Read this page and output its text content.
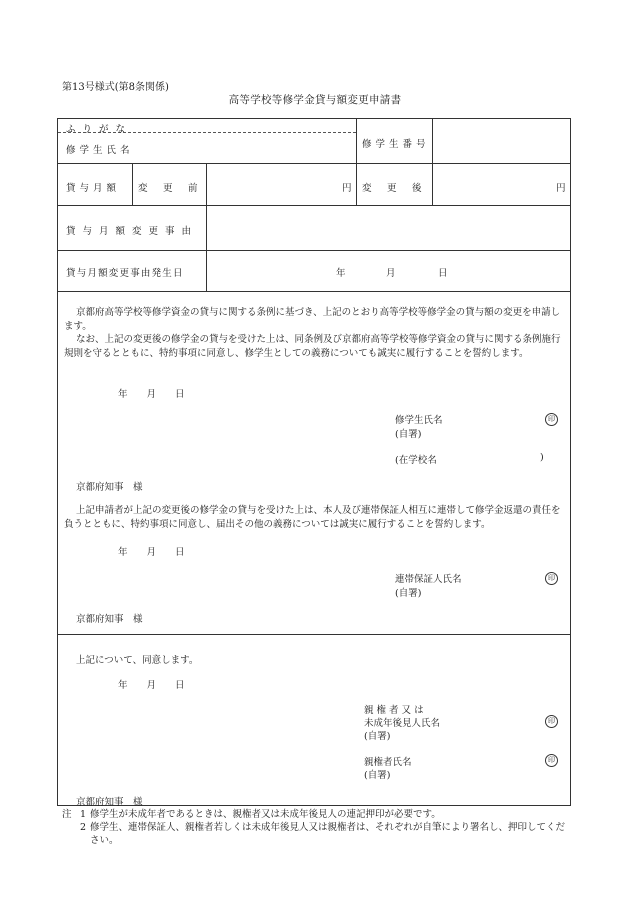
第13号様式(第8条関係)
高等学校等修学金貸与額変更申請書
ふ り が な
修学生氏名
修学生番号
貸与月額 変　更　前	円 変　更　後	円
貸与月額変更事由
貸与月額変更事由発生日	年	月	日
京都府高等学校等修学資金の貸与に関する条例に基づき、上記のとおり高等学校等修学金の貸与額の変更を申請します。
なお、上記の変更後の修学金の貸与を受けた上は、同条例及び京都府高等学校等修学資金の貸与に関する条例施行規則を守るとともに、特約事項に同意し、修学生としての義務についても誠実に履行することを誓約します。
年　　月　　日
修学生氏名	印
(自署)
(在学校名	)
京都府知事　様
上記申請者が上記の変更後の修学金の貸与を受けた上は、本人及び連帯保証人相互に連帯して修学金返還の責任を負うとともに、特約事項に同意し、届出その他の義務については誠実に履行することを誓約します。
年　　月　　日
連帯保証人氏名	印
(自署)
京都府知事　様
上記について、同意します。
年　　月　　日
親 権 者 又 は
未成年後見人氏名	印
(自署)
親権者氏名	印
(自署)
京都府知事　様
注 1 修学生が未成年者であるときは、親権者又は未成年後見人の連記押印が必要です。
2 修学生、連帯保証人、親権者若しくは未成年後見人又は親権者は、それぞれが自筆により署名し、押印してください。
